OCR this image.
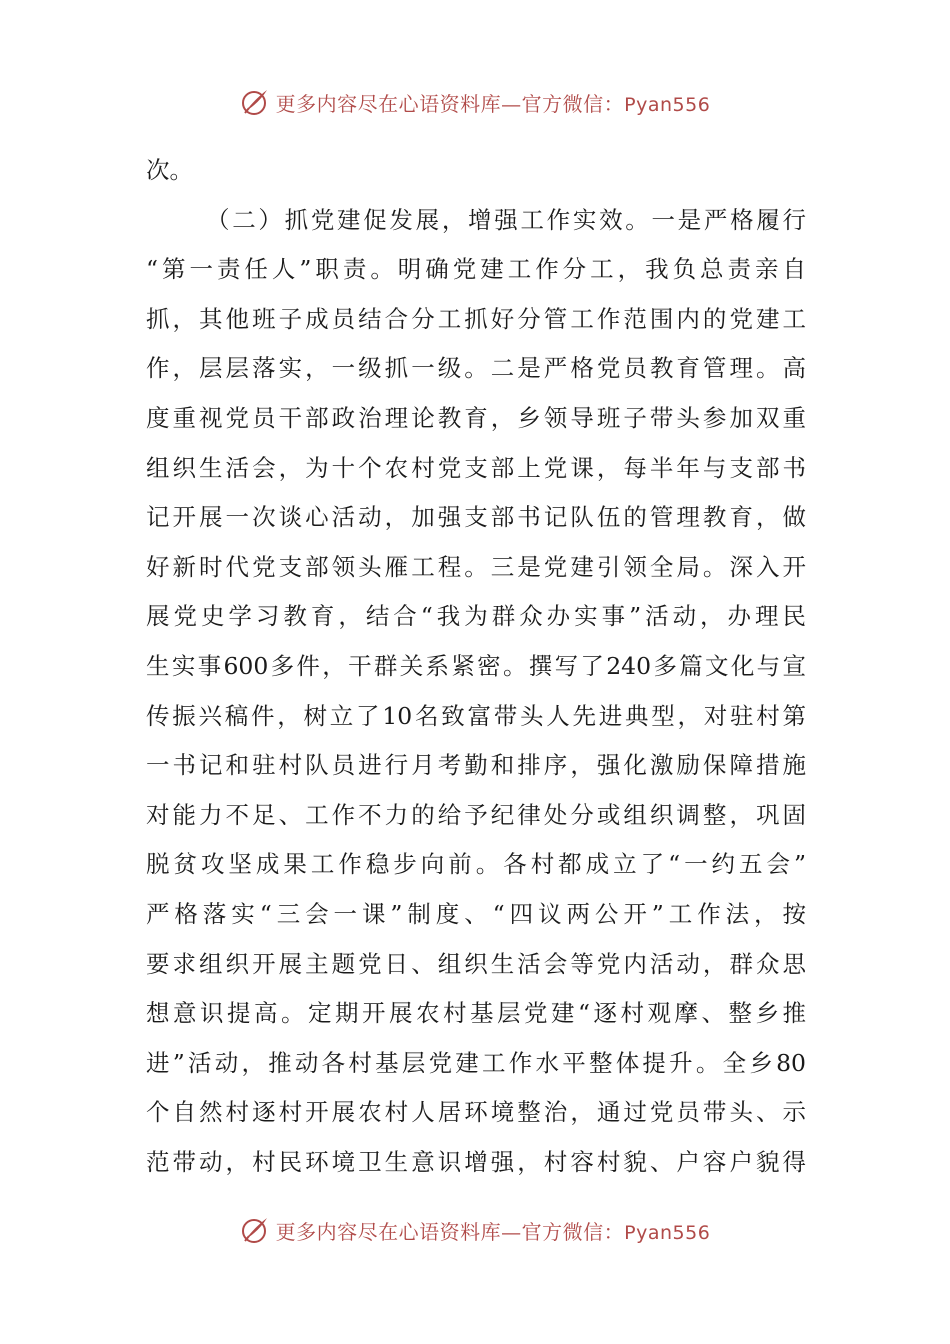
更多内容尽在心语资料库—官方微信：Pyan556
次。
（二）抓党建促发展，增强工作实效。一是严格履行
“第一责任人”职责。明确党建工作分工，我负总责亲自
抓，其他班子成员结合分工抓好分管工作范围内的党建工
作，层层落实，一级抓一级。二是严格党员教育管理。高
度重视党员干部政治理论教育，乡领导班子带头参加双重
组织生活会，为十个农村党支部上党课，每半年与支部书
记开展一次谈心活动，加强支部书记队伍的管理教育，做
好新时代党支部领头雁工程。三是党建引领全局。深入开
展党史学习教育，结合“我为群众办实事”活动，办理民
生实事600多件，干群关系紧密。撰写了240多篇文化与宣
传振兴稿件，树立了10名致富带头人先进典型，对驻村第
一书记和驻村队员进行月考勤和排序，强化激励保障措施
对能力不足、工作不力的给予纪律处分或组织调整，巩固
脱贫攻坚成果工作稳步向前。各村都成立了“一约五会”
严格落实“三会一课”制度、“四议两公开”工作法，按
要求组织开展主题党日、组织生活会等党内活动，群众思
想意识提高。定期开展农村基层党建“逐村观摩、整乡推
进”活动，推动各村基层党建工作水平整体提升。全乡80
个自然村逐村开展农村人居环境整治，通过党员带头、示
范带动，村民环境卫生意识增强，村容村貌、户容户貌得
更多内容尽在心语资料库—官方微信：Pyan556
